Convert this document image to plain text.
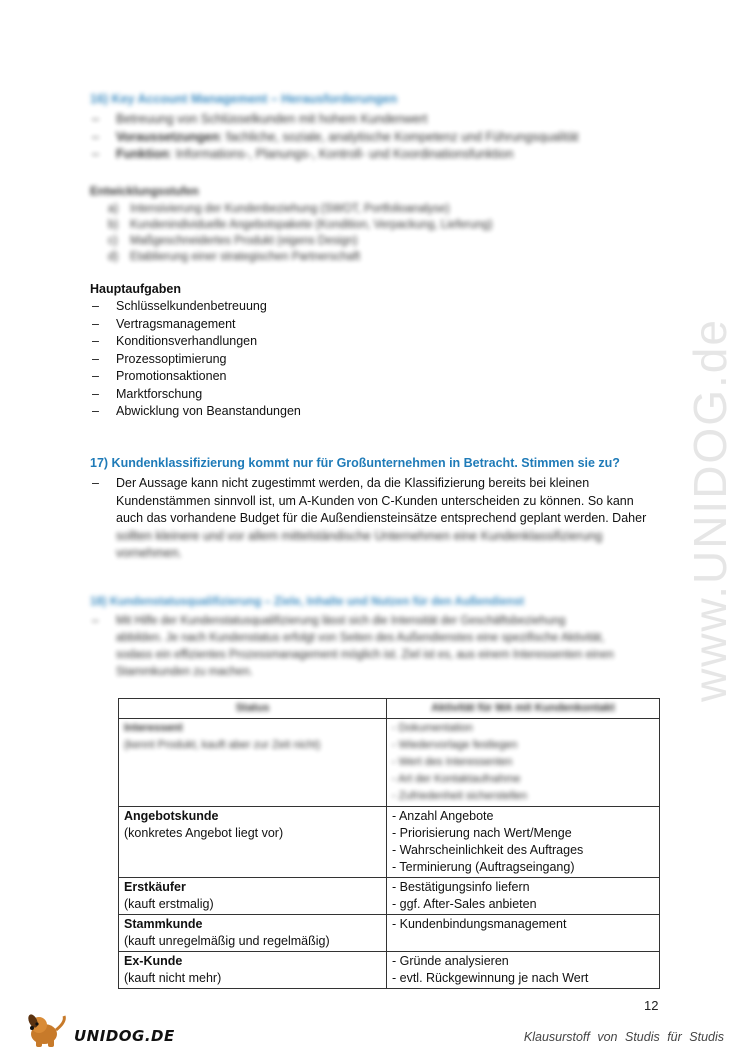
www.UNIDOG.de
16) Key Account Management – Herausforderungen
– Betreuung von Schlüsselkunden mit hohem Kundenwert
– Voraussetzungen: fachliche, soziale, analytische Kompetenz und Führungsqualität
– Funktion: Informations-, Planungs-, Kontroll- und Koordinationsfunktion
Entwicklungsstufen
a) Intensivierung der Kundenbeziehung (SWOT, Portfolioanalyse)
b) Kundenindividuelle Angebotspakete (Kondition, Verpackung, Lieferung)
c) Maßgeschneidertes Produkt (eigens Design)
d) Etablierung einer strategischen Partnerschaft
Hauptaufgaben
– Schlüsselkundenbetreuung
– Vertragsmanagement
– Konditionsverhandlungen
– Prozessoptimierung
– Promotionsaktionen
– Marktforschung
– Abwicklung von Beanstandungen
17) Kundenklassifizierung kommt nur für Großunternehmen in Betracht. Stimmen sie zu?
– Der Aussage kann nicht zugestimmt werden, da die Klassifizierung bereits bei kleinen
Kundenstämmen sinnvoll ist, um A-Kunden von C-Kunden unterscheiden zu können. So kann
auch das vorhandene Budget für die Außendiensteinsätze entsprechend geplant werden. Daher
sollten kleinere und vor allem mittelständische Unternehmen eine Kundenklassifizierung
vornehmen.
18) Kundenstatusqualifizierung – Ziele, Inhalte und Nutzen für den Außendienst
– Mit Hilfe der Kundenstatusqualifizierung lässt sich die Intensität der Geschäftsbeziehung
abbilden. Je nach Kundenstatus erfolgt von Seiten des Außendienstes eine spezifische Aktivität,
sodass ein effizientes Prozessmanagement möglich ist. Ziel ist es, aus einem Interessenten einen
Stammkunden zu machen.
Status	Aktivität für MA mit Kundenkontakt

Interessent
(kennt Produkt, kauft aber zur Zeit nicht)	- Dokumentation
- Wiedervorlage festlegen
- Wert des Interessenten
- Art der Kontaktaufnahme
- Zufriedenheit sicherstellen

Angebotskunde
(konkretes Angebot liegt vor)	- Anzahl Angebote
- Priorisierung nach Wert/Menge
- Wahrscheinlichkeit des Auftrages
- Terminierung (Auftragseingang)

Erstkäufer
(kauft erstmalig)	- Bestätigungsinfo liefern
- ggf. After-Sales anbieten

Stammkunde
(kauft unregelmäßig und regelmäßig)	- Kundenbindungsmanagement

Ex-Kunde
(kauft nicht mehr)	- Gründe analysieren
- evtl. Rückgewinnung je nach Wert
12
UNIDOG.DE	Klausurstoff von Studis für Studis
